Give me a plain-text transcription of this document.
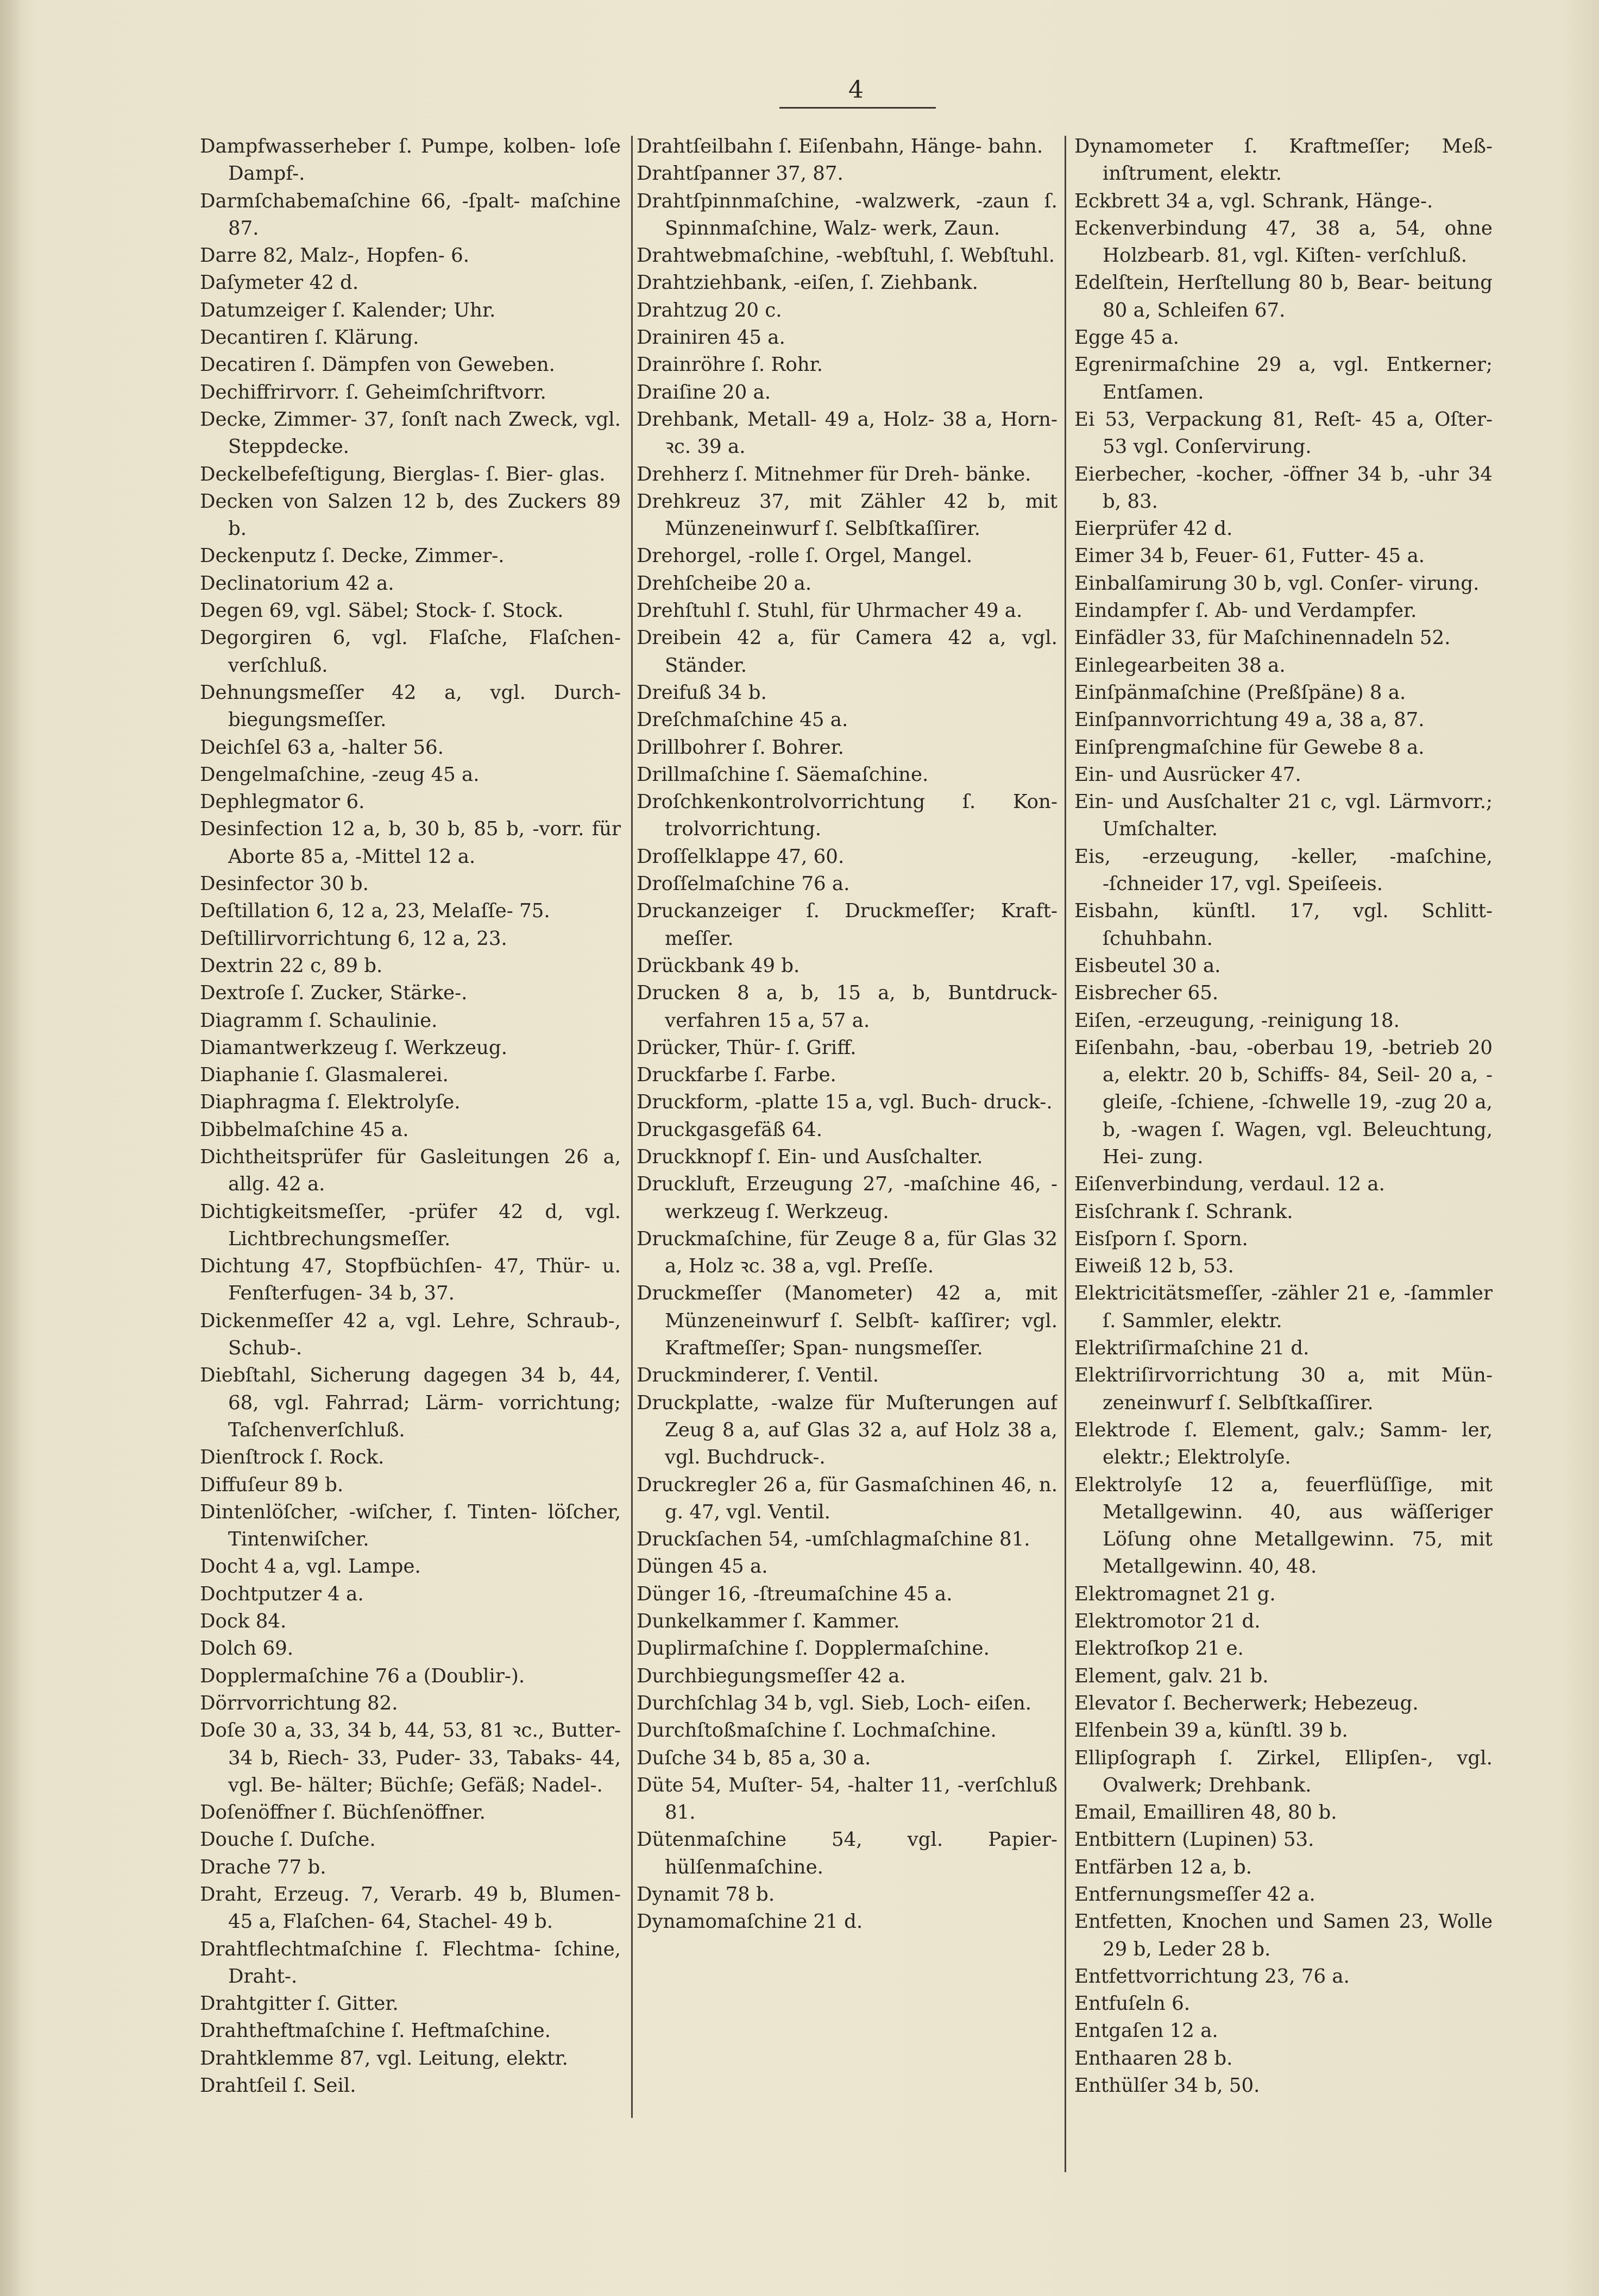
4
Dampfwasserheber ſ. Pumpe, kolben- loſe Dampf-.
Darmſchabemaſchine 66, -ſpalt- maſchine 87.
Darre 82, Malz-, Hopfen- 6.
Daſymeter 42 d.
Datumzeiger ſ. Kalender; Uhr.
Decantiren ſ. Klärung.
Decatiren ſ. Dämpfen von Geweben.
Dechiffrirvorr. ſ. Geheimſchriftvorr.
Decke, Zimmer- 37, ſonſt nach Zweck, vgl. Steppdecke.
Deckelbefeſtigung, Bierglas- ſ. Bier- glas.
Decken von Salzen 12 b, des Zuckers 89 b.
Deckenputz ſ. Decke, Zimmer-.
Declinatorium 42 a.
Degen 69, vgl. Säbel; Stock- ſ. Stock.
Degorgiren 6, vgl. Flaſche, Flaſchen- verſchluß.
Dehnungsmeſſer 42 a, vgl. Durch- biegungsmeſſer.
Deichſel 63 a, -halter 56.
Dengelmaſchine, -zeug 45 a.
Dephlegmator 6.
Desinfection 12 a, b, 30 b, 85 b, -vorr. für Aborte 85 a, -Mittel 12 a.
Desinfector 30 b.
Deſtillation 6, 12 a, 23, Melaſſe- 75.
Deſtillirvorrichtung 6, 12 a, 23.
Dextrin 22 c, 89 b.
Dextroſe ſ. Zucker, Stärke-.
Diagramm ſ. Schaulinie.
Diamantwerkzeug ſ. Werkzeug.
Diaphanie ſ. Glasmalerei.
Diaphragma ſ. Elektrolyſe.
Dibbelmaſchine 45 a.
Dichtheitsprüfer für Gasleitungen 26 a, allg. 42 a.
Dichtigkeitsmeſſer, -prüfer 42 d, vgl. Lichtbrechungsmeſſer.
Dichtung 47, Stopfbüchſen- 47, Thür- u. Fenſterfugen- 34 b, 37.
Dickenmeſſer 42 a, vgl. Lehre, Schraub-, Schub-.
Diebſtahl, Sicherung dagegen 34 b, 44, 68, vgl. Fahrrad; Lärm- vorrichtung; Taſchenverſchluß.
Dienſtrock ſ. Rock.
Diffuſeur 89 b.
Dintenlöſcher, -wiſcher, ſ. Tinten- löſcher, Tintenwiſcher.
Docht 4 a, vgl. Lampe.
Dochtputzer 4 a.
Dock 84.
Dolch 69.
Dopplermaſchine 76 a (Doublir-).
Dörrvorrichtung 82.
Doſe 30 a, 33, 34 b, 44, 53, 81 ꝛc., Butter- 34 b, Riech- 33, Puder- 33, Tabaks- 44, vgl. Be- hälter; Büchſe; Gefäß; Nadel-.
Doſenöffner ſ. Büchſenöffner.
Douche ſ. Duſche.
Drache 77 b.
Draht, Erzeug. 7, Verarb. 49 b, Blumen- 45 a, Flaſchen- 64, Stachel- 49 b.
Drahtflechtmaſchine ſ. Flechtma- ſchine, Draht-.
Drahtgitter ſ. Gitter.
Drahtheftmaſchine ſ. Heftmaſchine.
Drahtklemme 87, vgl. Leitung, elektr.
Drahtſeil ſ. Seil.
Drahtſeilbahn ſ. Eiſenbahn, Hänge- bahn.
Drahtſpanner 37, 87.
Drahtſpinnmaſchine, -walzwerk, -zaun ſ. Spinnmaſchine, Walz- werk, Zaun.
Drahtwebmaſchine, -webſtuhl, ſ. Webſtuhl.
Drahtziehbank, -eiſen, ſ. Ziehbank.
Drahtzug 20 c.
Drainiren 45 a.
Drainröhre ſ. Rohr.
Draiſine 20 a.
Drehbank, Metall- 49 a, Holz- 38 a, Horn- ꝛc. 39 a.
Drehherz ſ. Mitnehmer für Dreh- bänke.
Drehkreuz 37, mit Zähler 42 b, mit Münzeneinwurf ſ. Selbſtkaſſirer.
Drehorgel, -rolle ſ. Orgel, Mangel.
Drehſcheibe 20 a.
Drehſtuhl ſ. Stuhl, für Uhrmacher 49 a.
Dreibein 42 a, für Camera 42 a, vgl. Ständer.
Dreifuß 34 b.
Dreſchmaſchine 45 a.
Drillbohrer ſ. Bohrer.
Drillmaſchine ſ. Säemaſchine.
Droſchkenkontrolvorrichtung ſ. Kon- trolvorrichtung.
Droſſelklappe 47, 60.
Droſſelmaſchine 76 a.
Druckanzeiger ſ. Druckmeſſer; Kraft- meſſer.
Drückbank 49 b.
Drucken 8 a, b, 15 a, b, Buntdruck- verfahren 15 a, 57 a.
Drücker, Thür- ſ. Griff.
Druckfarbe ſ. Farbe.
Druckform, -platte 15 a, vgl. Buch- druck-.
Druckgasgefäß 64.
Druckknopf ſ. Ein- und Ausſchalter.
Druckluft, Erzeugung 27, -maſchine 46, -werkzeug ſ. Werkzeug.
Druckmaſchine, für Zeuge 8 a, für Glas 32 a, Holz ꝛc. 38 a, vgl. Preſſe.
Druckmeſſer (Manometer) 42 a, mit Münzeneinwurf ſ. Selbſt- kaſſirer; vgl. Kraftmeſſer; Span- nungsmeſſer.
Druckminderer, ſ. Ventil.
Druckplatte, -walze für Muſterungen auf Zeug 8 a, auf Glas 32 a, auf Holz 38 a, vgl. Buchdruck-.
Druckregler 26 a, für Gasmaſchinen 46, n. g. 47, vgl. Ventil.
Druckſachen 54, -umſchlagmaſchine 81.
Düngen 45 a.
Dünger 16, -ſtreumaſchine 45 a.
Dunkelkammer ſ. Kammer.
Duplirmaſchine ſ. Dopplermaſchine.
Durchbiegungsmeſſer 42 a.
Durchſchlag 34 b, vgl. Sieb, Loch- eiſen.
Durchſtoßmaſchine ſ. Lochmaſchine.
Duſche 34 b, 85 a, 30 a.
Düte 54, Muſter- 54, -halter 11, -verſchluß 81.
Dütenmaſchine 54, vgl. Papier- hülſenmaſchine.
Dynamit 78 b.
Dynamomaſchine 21 d.
Dynamometer ſ. Kraftmeſſer; Meß- inſtrument, elektr.
Eckbrett 34 a, vgl. Schrank, Hänge-.
Eckenverbindung 47, 38 a, 54, ohne Holzbearb. 81, vgl. Kiſten- verſchluß.
Edelſtein, Herſtellung 80 b, Bear- beitung 80 a, Schleifen 67.
Egge 45 a.
Egrenirmaſchine 29 a, vgl. Entkerner; Entſamen.
Ei 53, Verpackung 81, Reſt- 45 a, Oſter- 53 vgl. Conſervirung.
Eierbecher, -kocher, -öffner 34 b, -uhr 34 b, 83.
Eierprüfer 42 d.
Eimer 34 b, Feuer- 61, Futter- 45 a.
Einbalſamirung 30 b, vgl. Conſer- virung.
Eindampfer ſ. Ab- und Verdampfer.
Einfädler 33, für Maſchinennadeln 52.
Einlegearbeiten 38 a.
Einſpänmaſchine (Preßſpäne) 8 a.
Einſpannvorrichtung 49 a, 38 a, 87.
Einſprengmaſchine für Gewebe 8 a.
Ein- und Ausrücker 47.
Ein- und Ausſchalter 21 c, vgl. Lärmvorr.; Umſchalter.
Eis, -erzeugung, -keller, -maſchine, -ſchneider 17, vgl. Speiſeeis.
Eisbahn, künſtl. 17, vgl. Schlitt- ſchuhbahn.
Eisbeutel 30 a.
Eisbrecher 65.
Eiſen, -erzeugung, -reinigung 18.
Eiſenbahn, -bau, -oberbau 19, -betrieb 20 a, elektr. 20 b, Schiffs- 84, Seil- 20 a, -gleiſe, -ſchiene, -ſchwelle 19, -zug 20 a, b, -wagen ſ. Wagen, vgl. Beleuchtung, Hei- zung.
Eiſenverbindung, verdaul. 12 a.
Eisſchrank ſ. Schrank.
Eisſporn ſ. Sporn.
Eiweiß 12 b, 53.
Elektricitätsmeſſer, -zähler 21 e, -ſammler ſ. Sammler, elektr.
Elektriſirmaſchine 21 d.
Elektriſirvorrichtung 30 a, mit Mün- zeneinwurf ſ. Selbſtkaſſirer.
Elektrode ſ. Element, galv.; Samm- ler, elektr.; Elektrolyſe.
Elektrolyſe 12 a, feuerflüſſige, mit Metallgewinn. 40, aus wäſſeriger Löſung ohne Metallgewinn. 75, mit Metallgewinn. 40, 48.
Elektromagnet 21 g.
Elektromotor 21 d.
Elektroſkop 21 e.
Element, galv. 21 b.
Elevator ſ. Becherwerk; Hebezeug.
Elfenbein 39 a, künſtl. 39 b.
Ellipſograph ſ. Zirkel, Ellipſen-, vgl. Ovalwerk; Drehbank.
Email, Emailliren 48, 80 b.
Entbittern (Lupinen) 53.
Entfärben 12 a, b.
Entfernungsmeſſer 42 a.
Entfetten, Knochen und Samen 23, Wolle 29 b, Leder 28 b.
Entfettvorrichtung 23, 76 a.
Entfuſeln 6.
Entgaſen 12 a.
Enthaaren 28 b.
Enthülſer 34 b, 50.
